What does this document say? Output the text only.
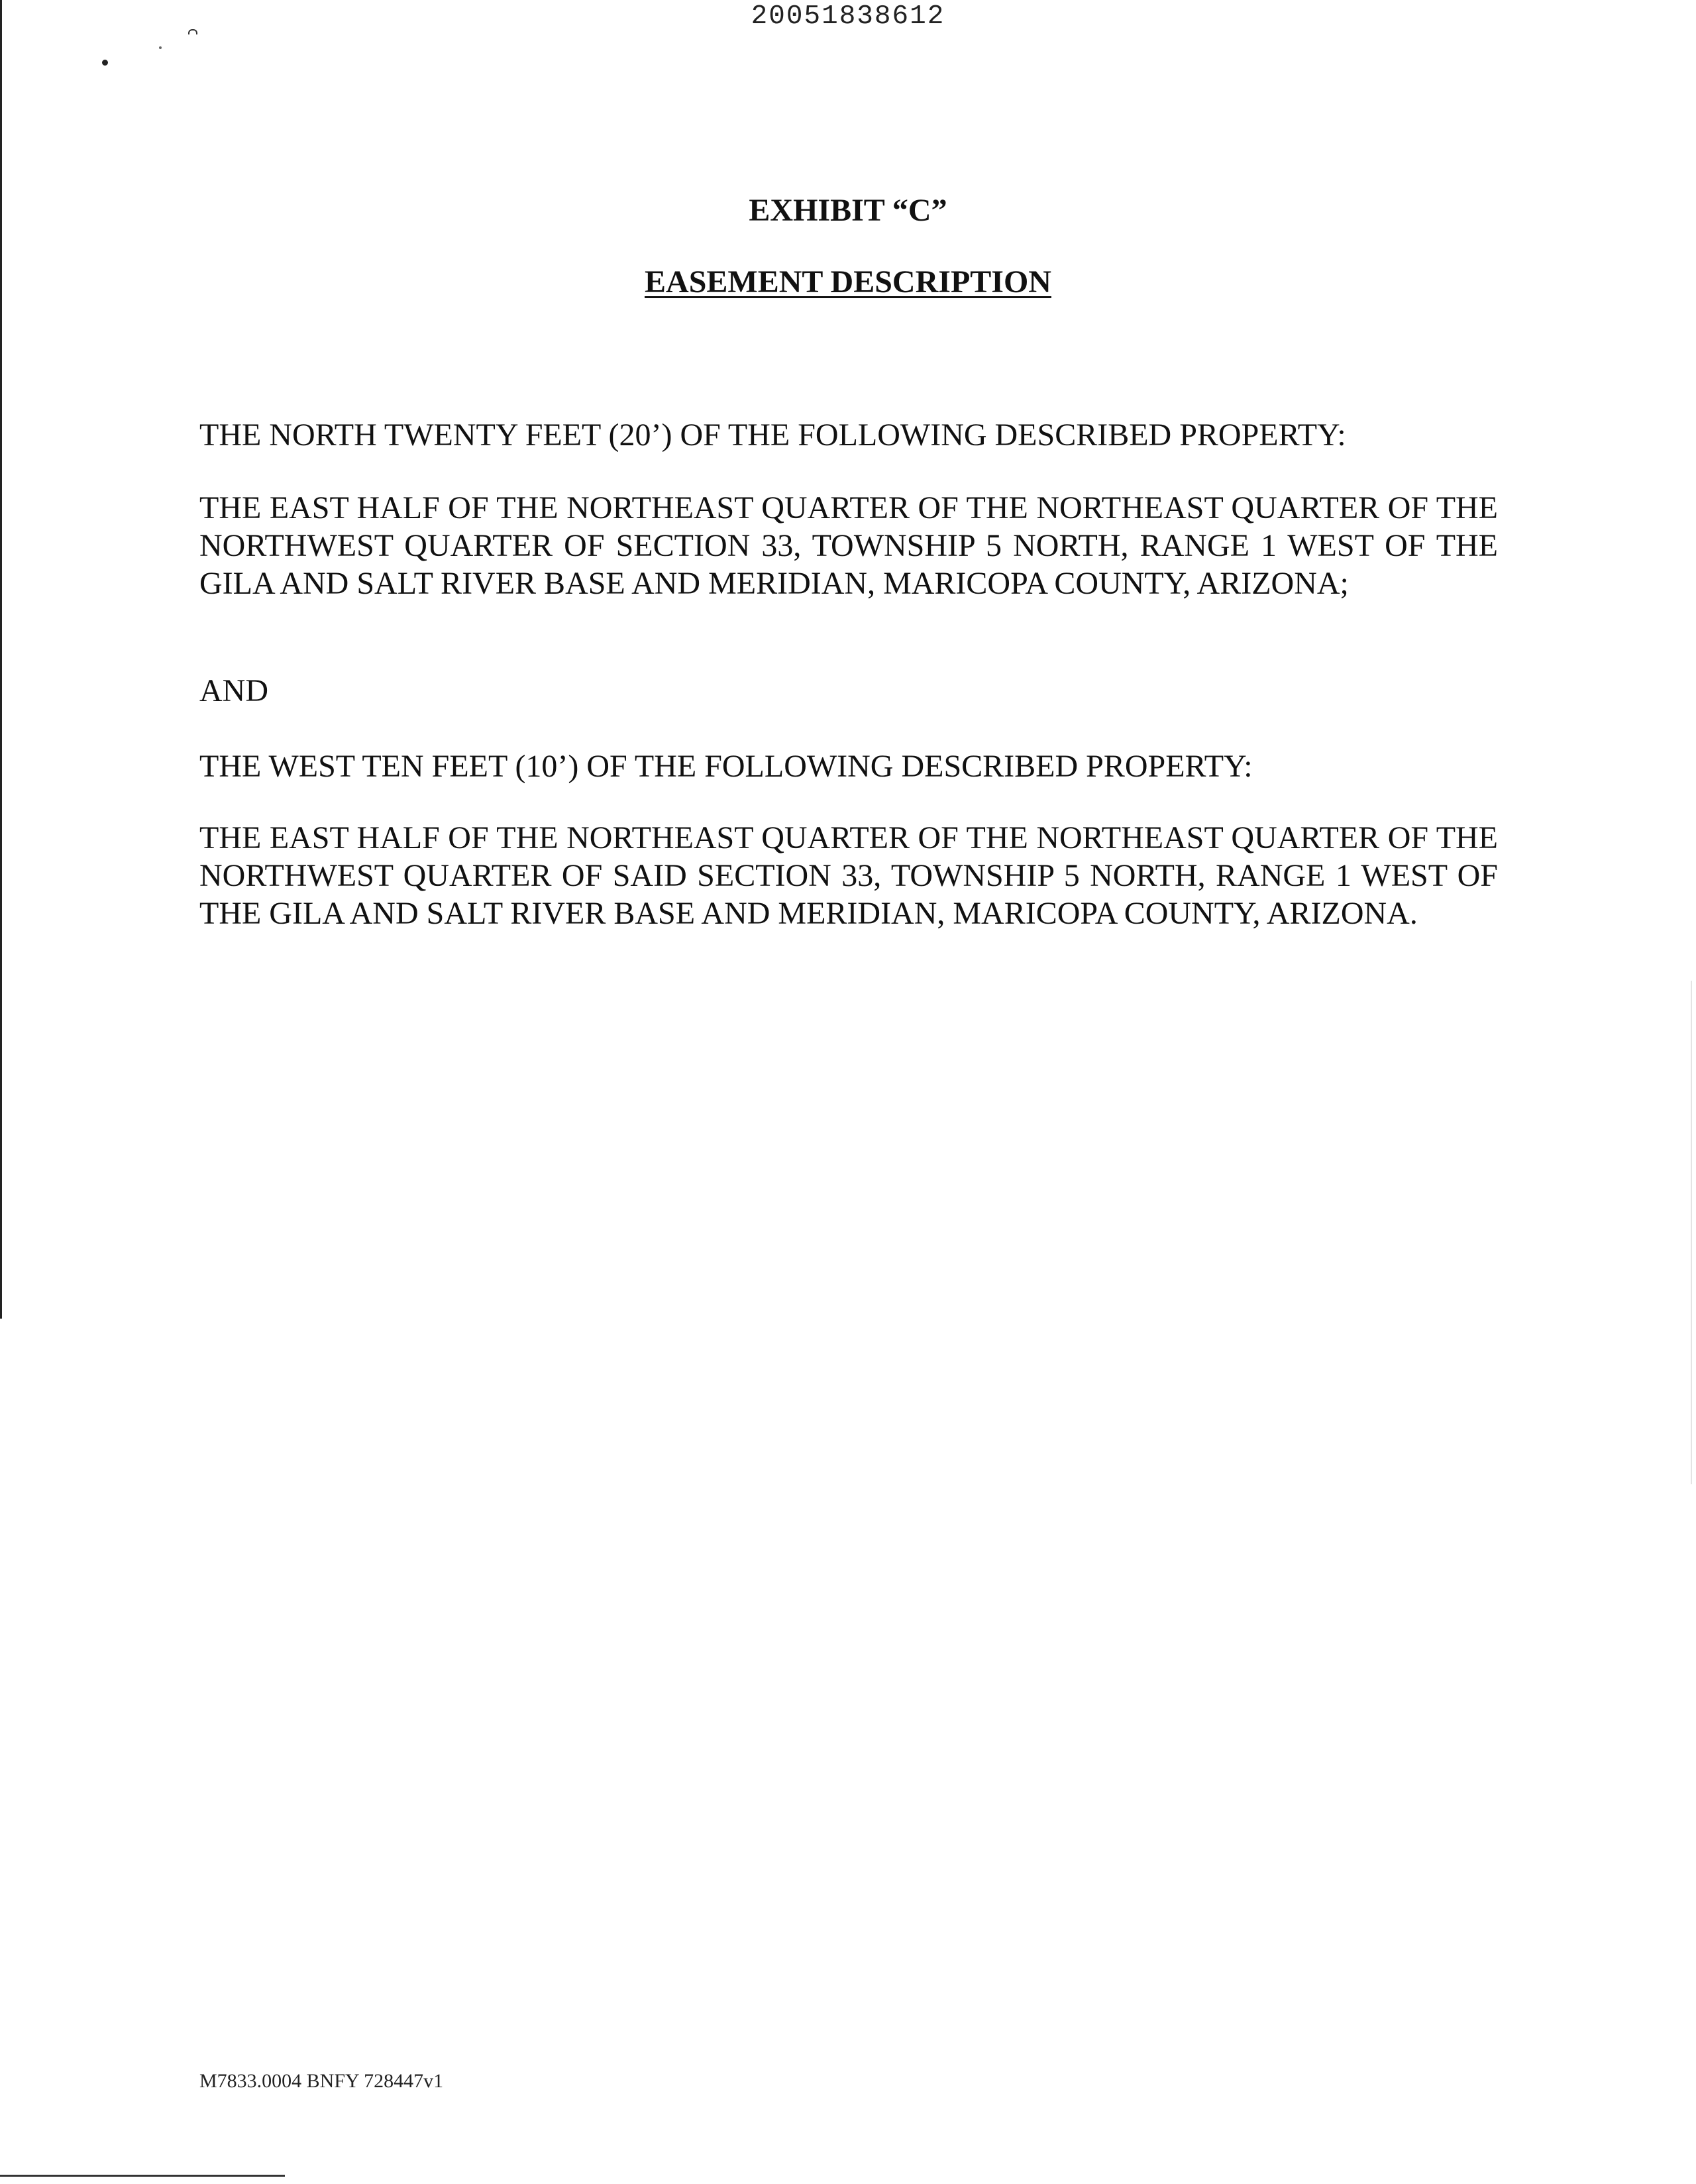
20051838612
EXHIBIT “C”
EASEMENT DESCRIPTION

THE NORTH TWENTY FEET (20’) OF THE FOLLOWING DESCRIBED PROPERTY:

THE EAST HALF OF THE NORTHEAST QUARTER OF THE NORTHEAST QUARTER OF THE NORTHWEST QUARTER OF SECTION 33, TOWNSHIP 5 NORTH, RANGE 1 WEST OF THE GILA AND SALT RIVER BASE AND MERIDIAN, MARICOPA COUNTY, ARIZONA;

AND

THE WEST TEN FEET (10’) OF THE FOLLOWING DESCRIBED PROPERTY:

THE EAST HALF OF THE NORTHEAST QUARTER OF THE NORTHEAST QUARTER OF THE NORTHWEST QUARTER OF SAID SECTION 33, TOWNSHIP 5 NORTH, RANGE 1 WEST OF THE GILA AND SALT RIVER BASE AND MERIDIAN, MARICOPA COUNTY, ARIZONA.

M7833.0004 BNFY 728447v1
